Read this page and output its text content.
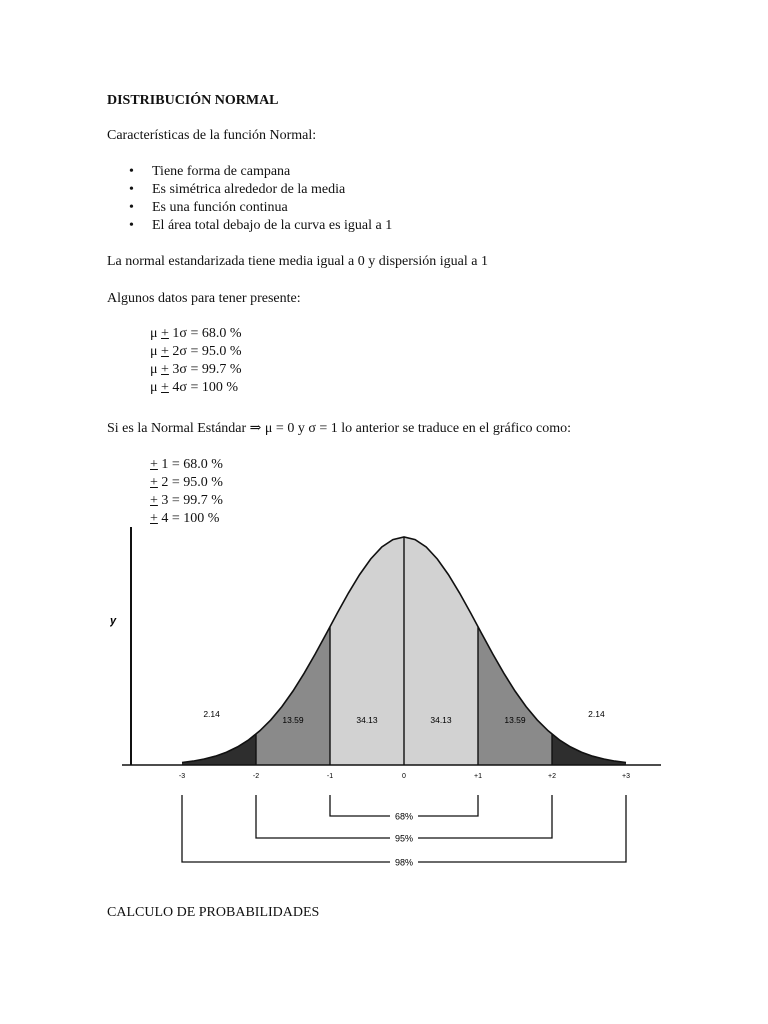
DISTRIBUCIÓN NORMAL

Características de la función Normal:

• Tiene forma de campana
• Es simétrica alrededor de la media
• Es una función continua
• El área total debajo de la curva es igual a 1

La normal estandarizada tiene media igual a 0 y dispersión igual a 1

Algunos datos para tener presente:

μ + 1σ = 68.0 %
μ + 2σ = 95.0 %
μ + 3σ = 99.7 %
μ + 4σ = 100 %

Si es la Normal Estándar ⇒ μ = 0 y σ = 1 lo anterior se traduce en el gráfico como:

+ 1 = 68.0 %
+ 2 = 95.0 %
+ 3 = 99.7 %
+ 4 = 100 %
y
-3	-2	-1	0	+1	+2	+3
2.14
13.59	34.13	34.13	13.59
2.14
68%
95%
98%

CALCULO DE PROBABILIDADES
